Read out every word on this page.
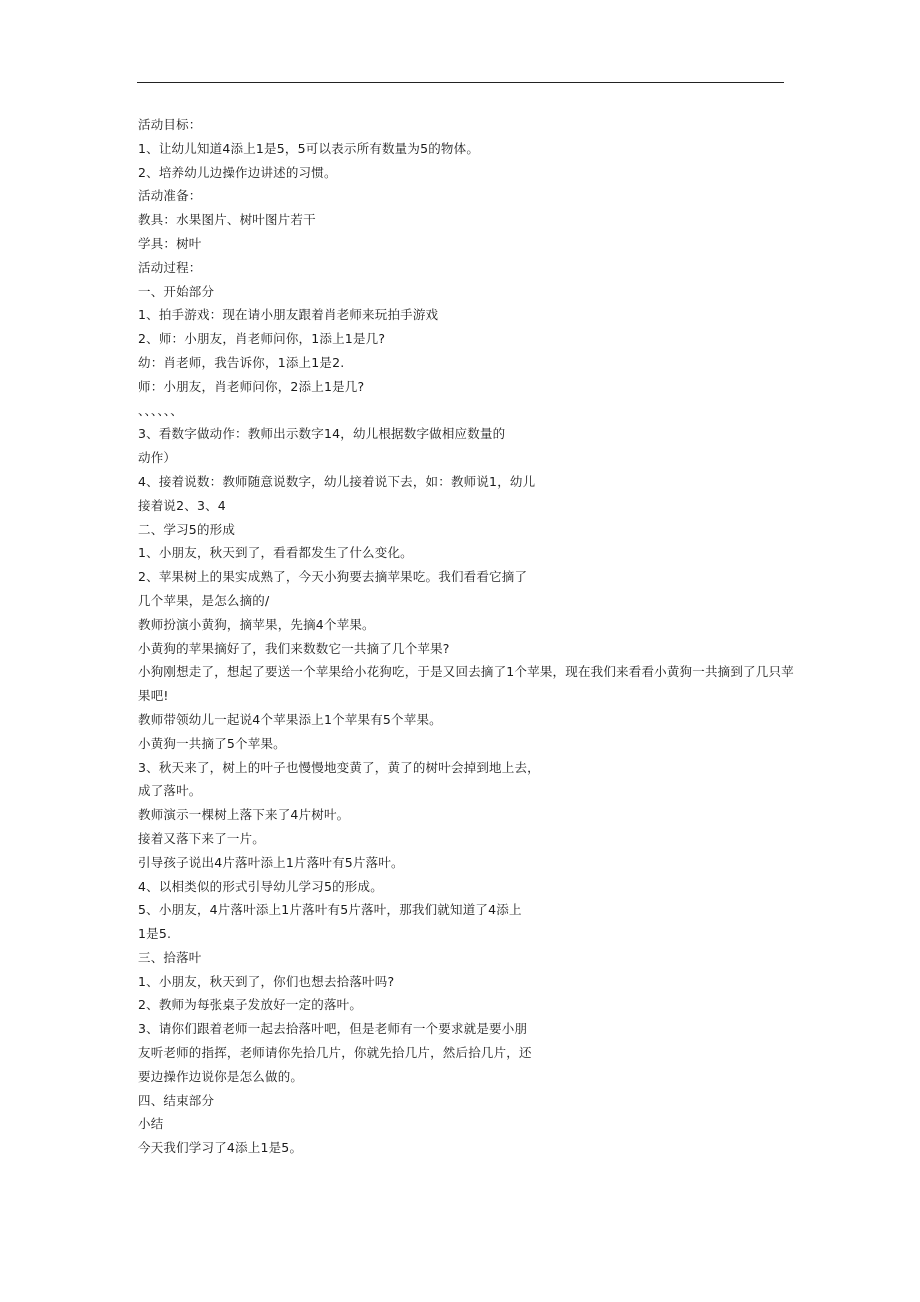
活动目标：
1、让幼儿知道4添上1是5，5可以表示所有数量为5的物体。
2、培养幼儿边操作边讲述的习惯。
活动准备：
教具：水果图片、树叶图片若干
学具：树叶
活动过程：
一、开始部分
1、拍手游戏：现在请小朋友跟着肖老师来玩拍手游戏
2、师：小朋友，肖老师问你，1添上1是几?
幼：肖老师，我告诉你，1添上1是2.
师：小朋友，肖老师问你，2添上1是几?
、、、、、、
3、看数字做动作：教师出示数字14，幼儿根据数字做相应数量的
动作）
4、接着说数：教师随意说数字，幼儿接着说下去，如：教师说1，幼儿
接着说2、3、4
二、学习5的形成
1、小朋友，秋天到了，看看都发生了什么变化。
2、苹果树上的果实成熟了，今天小狗要去摘苹果吃。我们看看它摘了
几个苹果，是怎么摘的/
教师扮演小黄狗，摘苹果，先摘4个苹果。
小黄狗的苹果摘好了，我们来数数它一共摘了几个苹果?
小狗刚想走了，想起了要送一个苹果给小花狗吃，于是又回去摘了1个苹果，现在我们来看看小黄狗一共摘到了几只苹
果吧!
教师带领幼儿一起说4个苹果添上1个苹果有5个苹果。
小黄狗一共摘了5个苹果。
3、秋天来了，树上的叶子也慢慢地变黄了，黄了的树叶会掉到地上去，
成了落叶。
教师演示一棵树上落下来了4片树叶。
接着又落下来了一片。
引导孩子说出4片落叶添上1片落叶有5片落叶。
4、以相类似的形式引导幼儿学习5的形成。
5、小朋友，4片落叶添上1片落叶有5片落叶，那我们就知道了4添上
1是5.
三、拾落叶
1、小朋友，秋天到了，你们也想去拾落叶吗?
2、教师为每张桌子发放好一定的落叶。
3、请你们跟着老师一起去拾落叶吧，但是老师有一个要求就是要小朋
友听老师的指挥，老师请你先拾几片，你就先拾几片，然后拾几片，还
要边操作边说你是怎么做的。
四、结束部分
小结
今天我们学习了4添上1是5。
